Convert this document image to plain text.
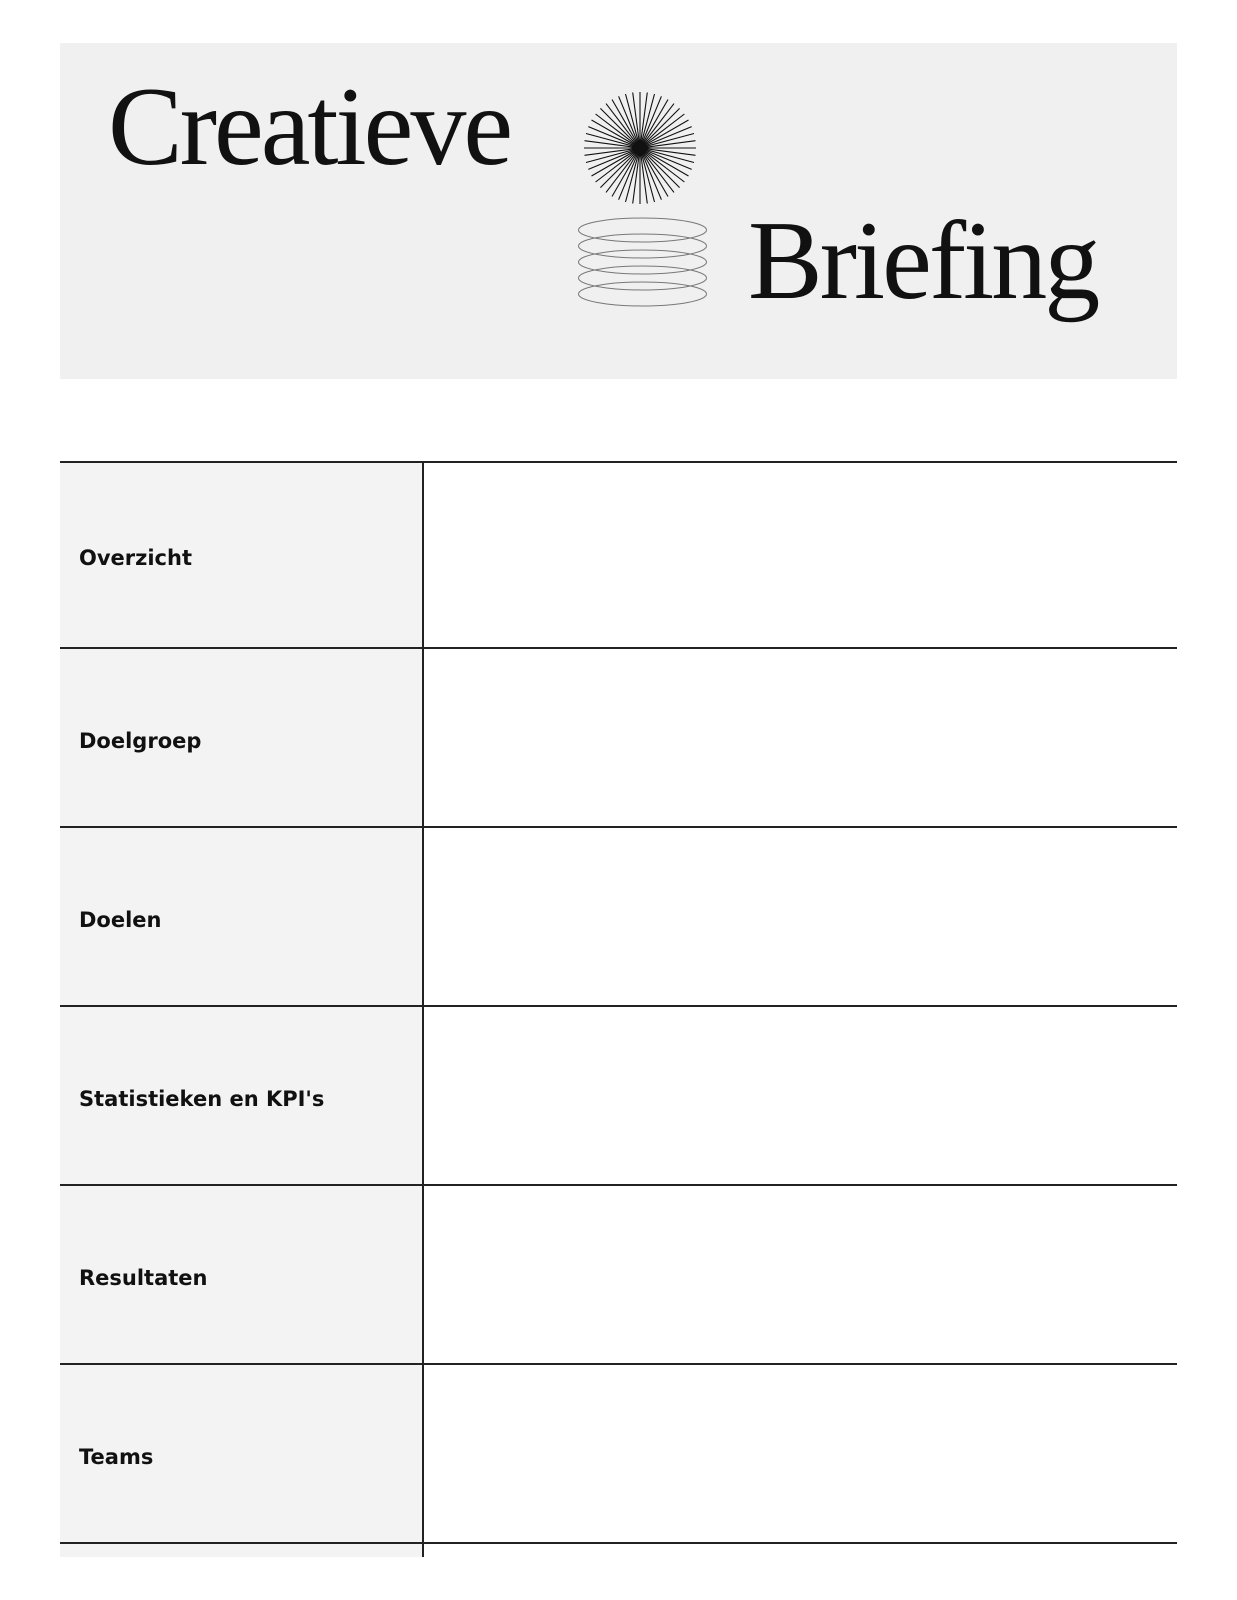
Creatieve
Briefing
Overzicht
Doelgroep
Doelen
Statistieken en KPI's
Resultaten
Teams
